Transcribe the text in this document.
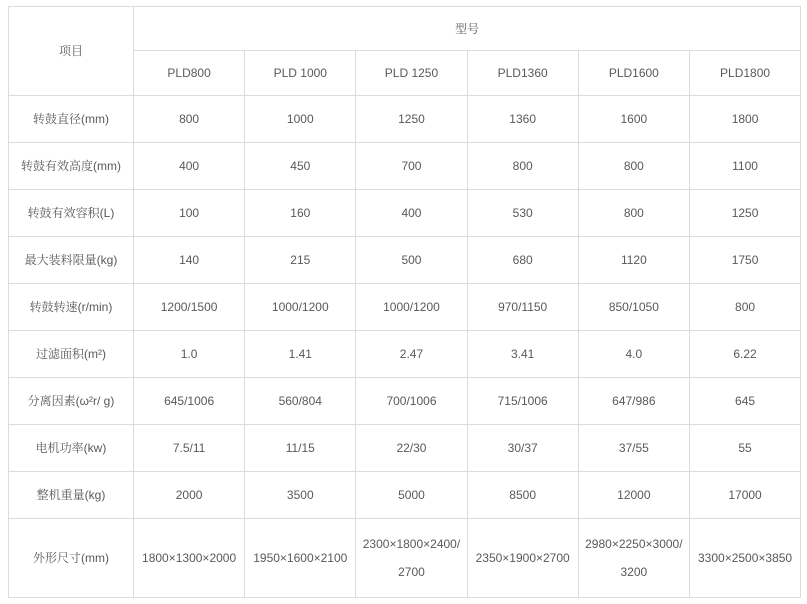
项目	型号					
	PLD800	PLD 1000	PLD 1250	PLD1360	PLD1600	PLD1800
转鼓直径(mm)	800	1000	1250	1360	1600	1800
转鼓有效高度(mm)	400	450	700	800	800	1100
转鼓有效容积(L)	100	160	400	530	800	1250
最大装料限量(kg)	140	215	500	680	1120	1750
转鼓转速(r/min)	1200/1500	1000/1200	1000/1200	970/1150	850/1050	800
过滤面积(m²)	1.0	1.41	2.47	3.41	4.0	6.22
分离因素(ω²r/ g)	645/1006	560/804	700/1006	715/1006	647/986	645
电机功率(kw)	7.5/11	11/15	22/30	30/37	37/55	55
整机重量(kg)	2000	3500	5000	8500	12000	17000
外形尺寸(mm)	1800×1300×2000	1950×1600×2100	2300×1800×2400/2700	2350×1900×2700	2980×2250×3000/3200	3300×2500×3850
